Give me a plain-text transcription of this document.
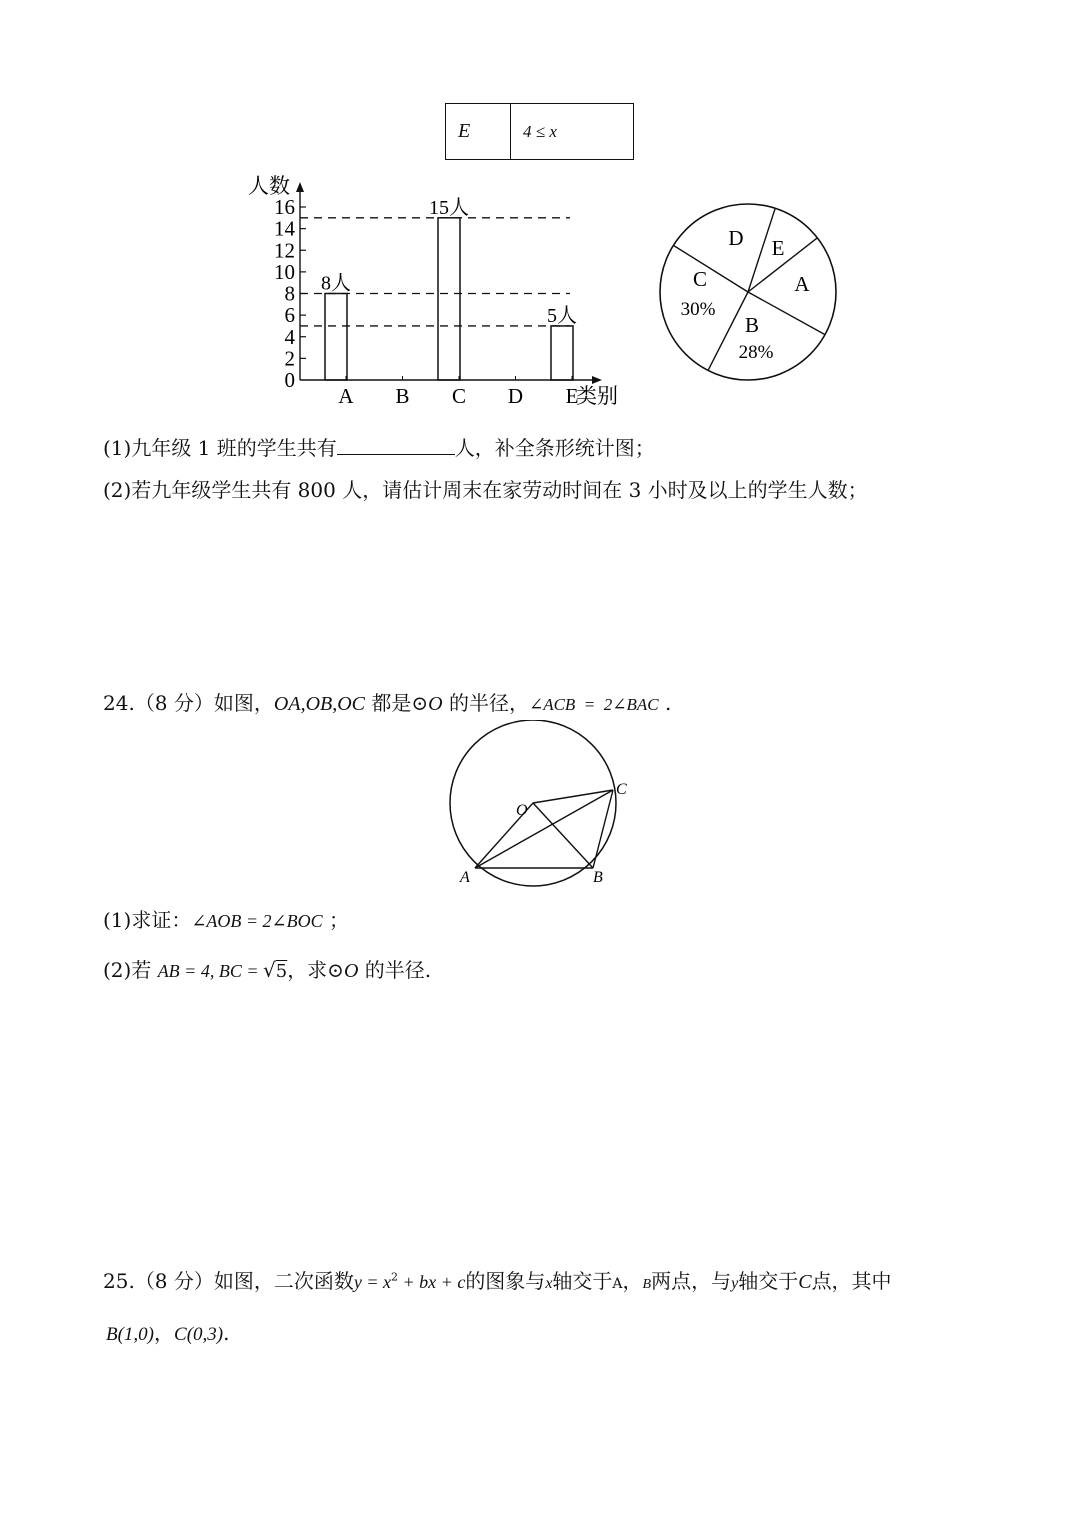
E	4 ≤ x
0
2
4
6
8
10
12
14
16
人数
A B C D E
类别
8人
15人
5人
A
B
28%
C
30%
D E
(1)九年级 1 班的学生共有	人，补全条形统计图；
(2)若九年级学生共有 800 人，请估计周末在家劳动时间在 3 小时及以上的学生人数；
24.（8 分）如图，OA,OB,OC 都是⊙O 的半径，∠ACB  =  2∠BAC .
O
A	B
C
(1)求证：∠AOB = 2∠BOC ；
(2)若 AB = 4, BC = √5，求⊙O 的半径.
25.（8 分）如图，二次函数$y = x^2$ + bx + c的图象与x轴交于A，B两点，与y轴交于C点，其中
B(1,0)，C(0,3).
